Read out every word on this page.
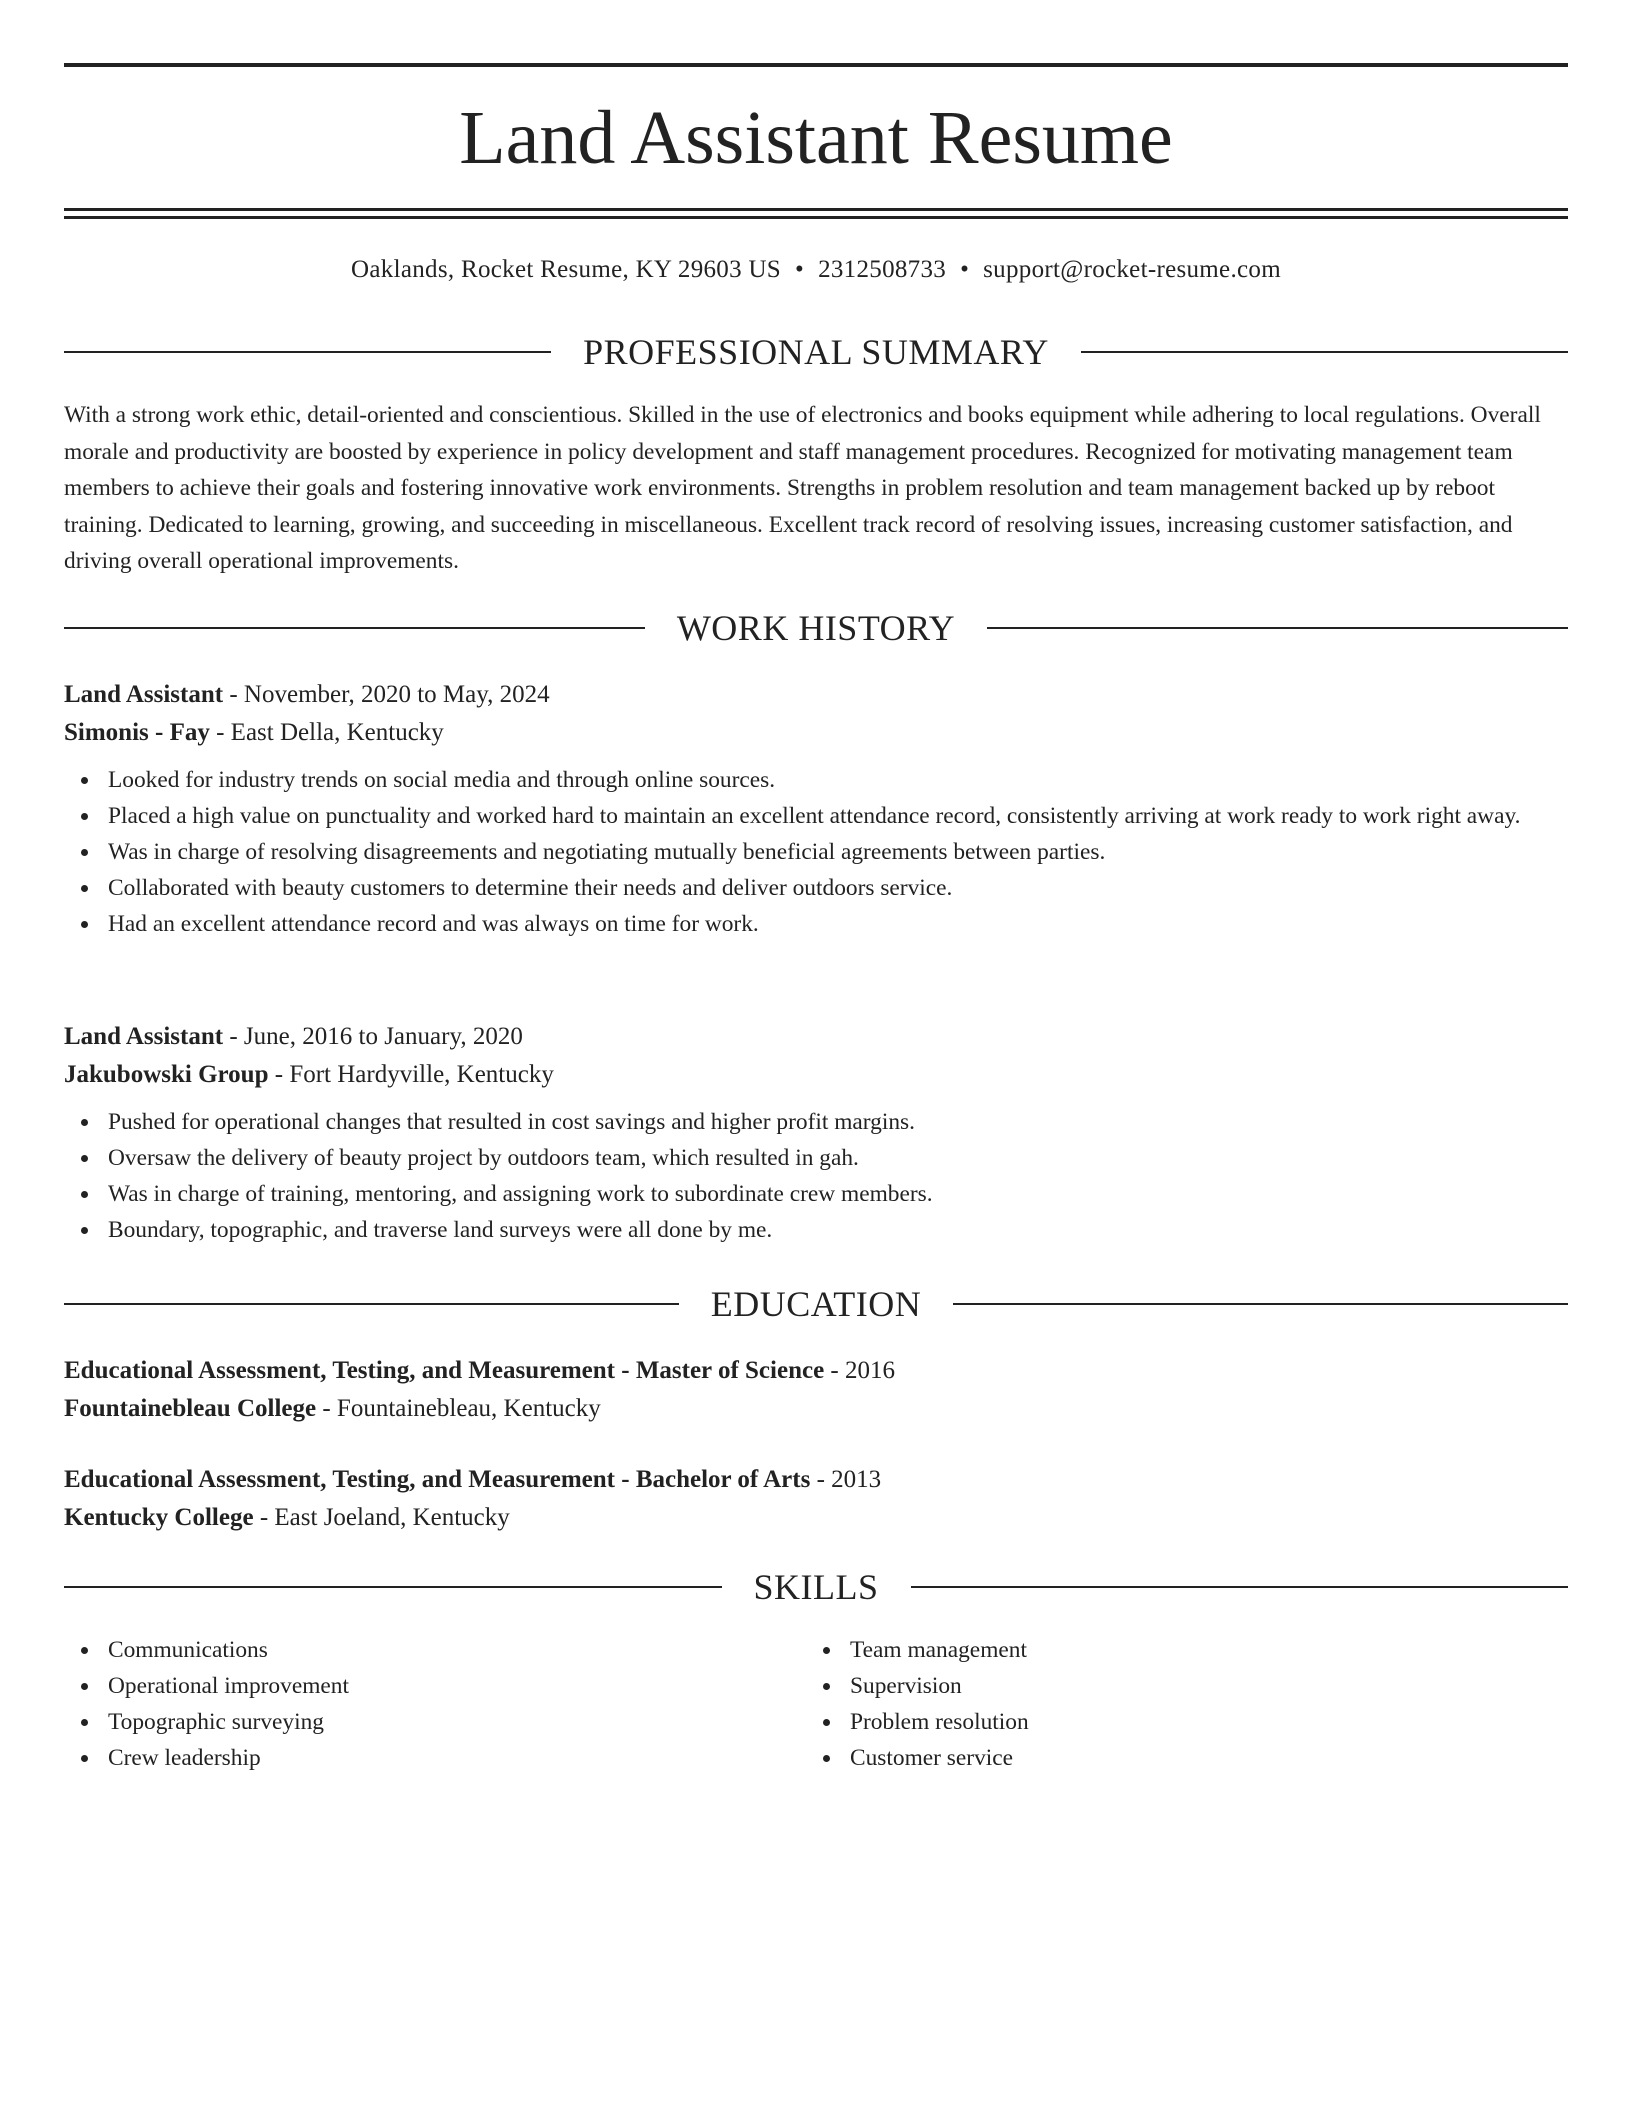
Land Assistant Resume
Oaklands, Rocket Resume, KY 29603 US • 2312508733 • support@rocket-resume.com
PROFESSIONAL SUMMARY

With a strong work ethic, detail-oriented and conscientious. Skilled in the use of electronics and books equipment while adhering to local regulations. Overall morale and productivity are boosted by experience in policy development and staff management procedures. Recognized for motivating management team members to achieve their goals and fostering innovative work environments. Strengths in problem resolution and team management backed up by reboot training. Dedicated to learning, growing, and succeeding in miscellaneous. Excellent track record of resolving issues, increasing customer satisfaction, and driving overall operational improvements.

WORK HISTORY

Land Assistant - November, 2020 to May, 2024

Simonis - Fay - East Della, Kentucky

Looked for industry trends on social media and through online sources.
Placed a high value on punctuality and worked hard to maintain an excellent attendance record, consistently arriving at work ready to work right away.
Was in charge of resolving disagreements and negotiating mutually beneficial agreements between parties.
Collaborated with beauty customers to determine their needs and deliver outdoors service.
Had an excellent attendance record and was always on time for work.

Land Assistant - June, 2016 to January, 2020

Jakubowski Group - Fort Hardyville, Kentucky

Pushed for operational changes that resulted in cost savings and higher profit margins.
Oversaw the delivery of beauty project by outdoors team, which resulted in gah.
Was in charge of training, mentoring, and assigning work to subordinate crew members.
Boundary, topographic, and traverse land surveys were all done by me.
EDUCATION

Educational Assessment, Testing, and Measurement - Master of Science - 2016

Fountainebleau College - Fountainebleau, Kentucky

Educational Assessment, Testing, and Measurement - Bachelor of Arts - 2013

Kentucky College - East Joeland, Kentucky

SKILLS
Communications
Operational improvement
Topographic surveying
Crew leadership
Team management
Supervision
Problem resolution
Customer service
